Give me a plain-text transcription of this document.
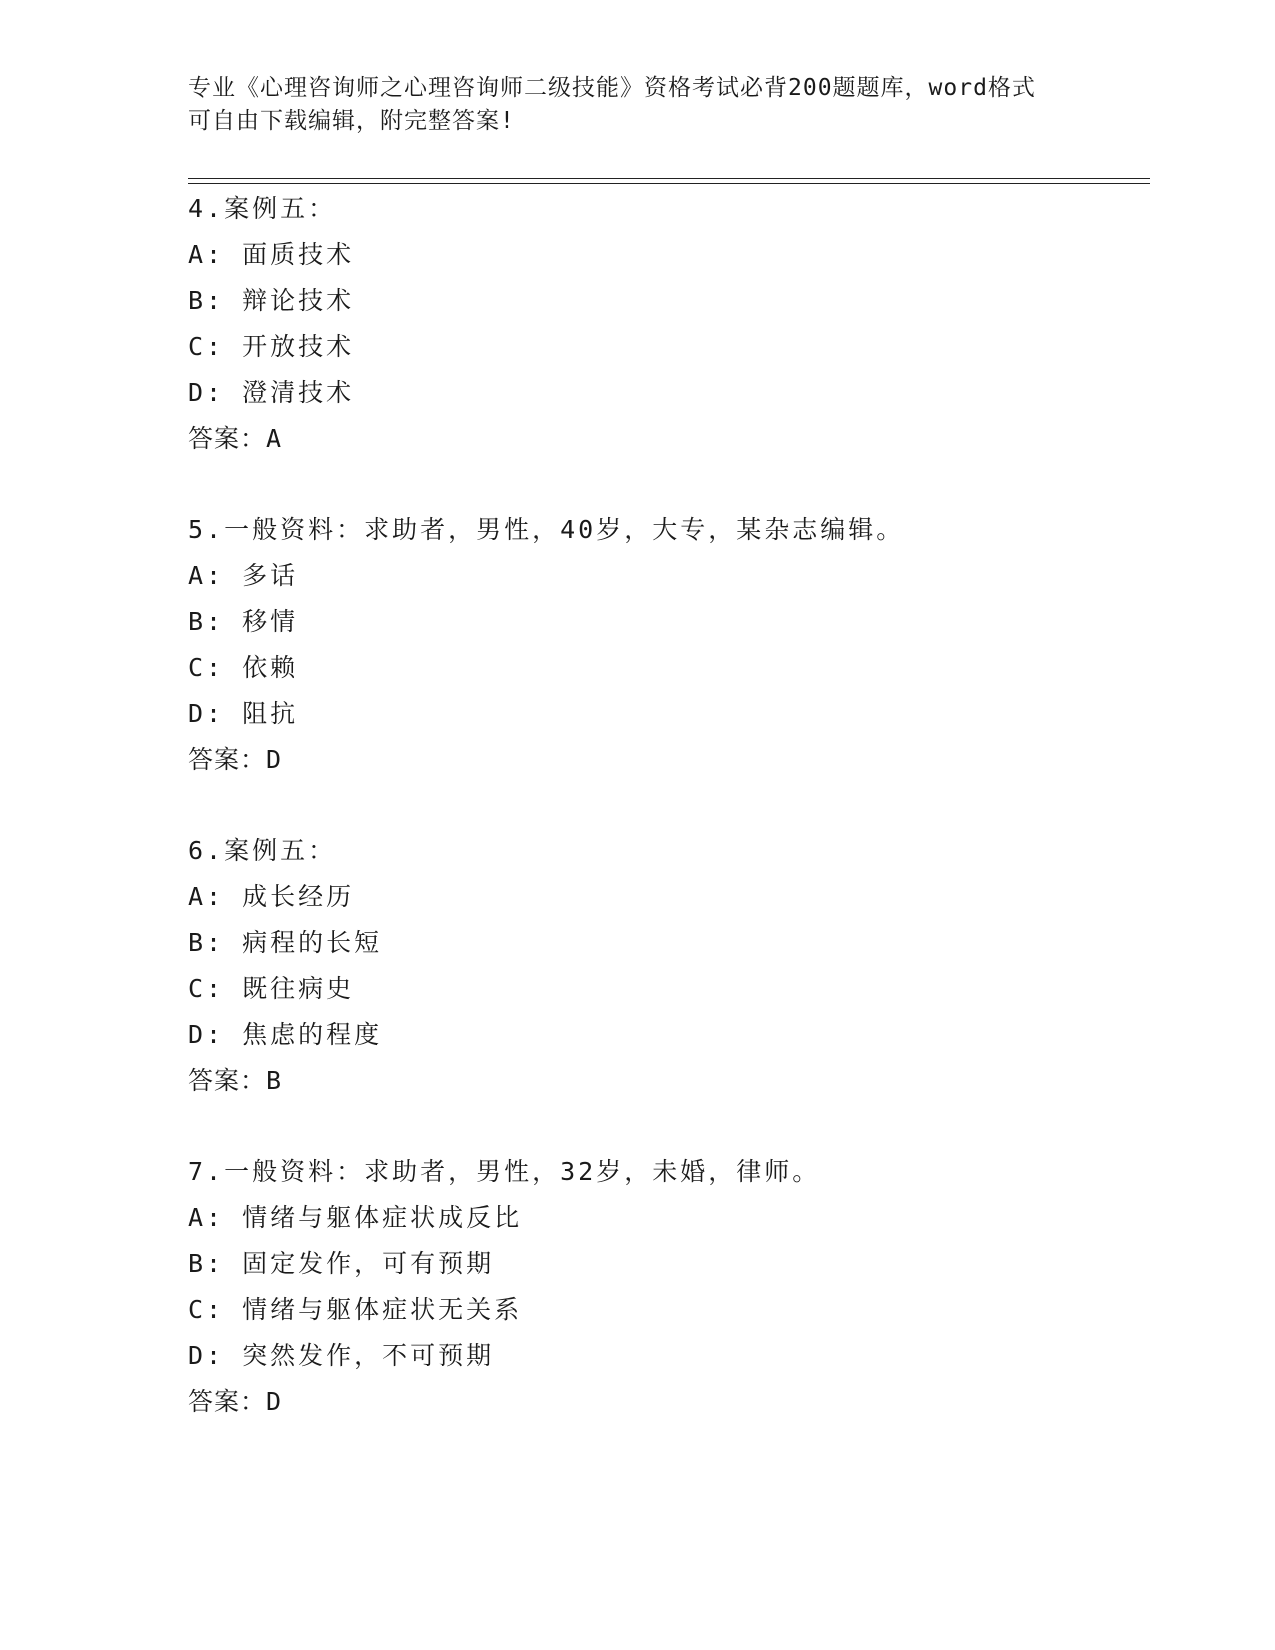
专业《心理咨询师之心理咨询师二级技能》资格考试必背200题题库，word格式
可自由下载编辑，附完整答案!
4.案例五：
A: 面质技术
B: 辩论技术
C: 开放技术
D: 澄清技术
答案：A
5.一般资料：求助者，男性，40岁，大专，某杂志编辑。
A: 多话
B: 移情
C: 依赖
D: 阻抗
答案：D
6.案例五：
A: 成长经历
B: 病程的长短
C: 既往病史
D: 焦虑的程度
答案：B
7.一般资料：求助者，男性，32岁，未婚，律师。
A: 情绪与躯体症状成反比
B: 固定发作，可有预期
C: 情绪与躯体症状无关系
D: 突然发作，不可预期
答案：D
